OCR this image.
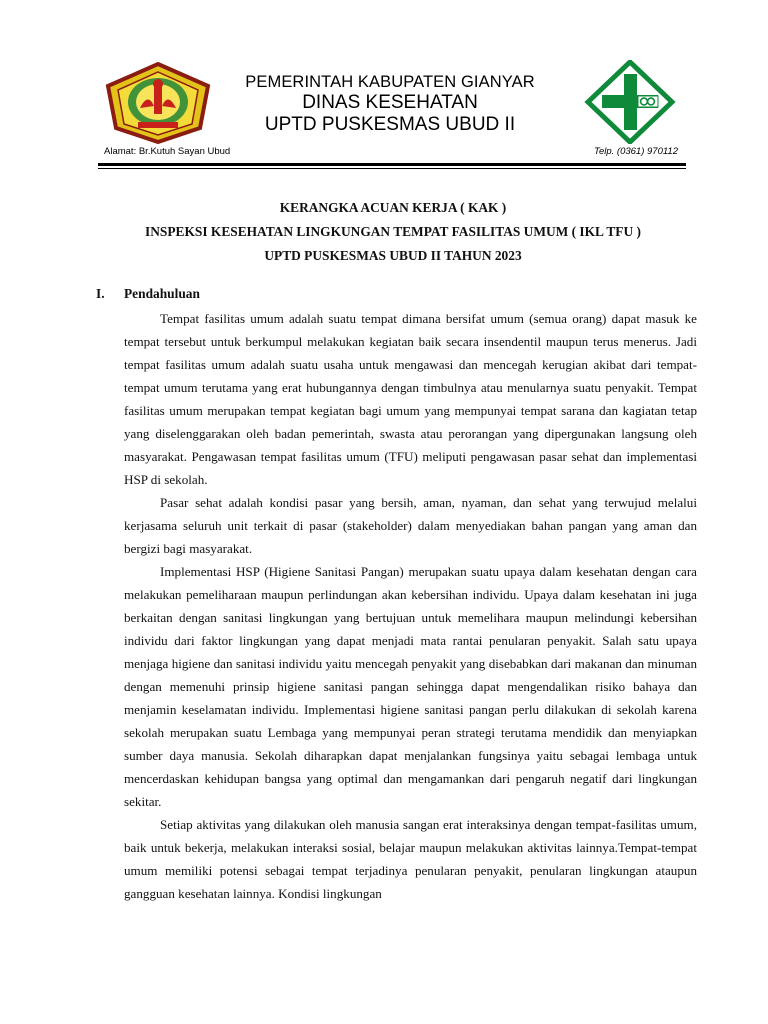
PEMERINTAH KABUPATEN GIANYAR
DINAS KESEHATAN
UPTD PUSKESMAS UBUD II
Alamat: Br.Kutuh Sayan Ubud	Telp. (0361) 970112
KERANGKA ACUAN KERJA ( KAK )
INSPEKSI KESEHATAN LINGKUNGAN TEMPAT FASILITAS UMUM ( IKL TFU )
UPTD PUSKESMAS UBUD II TAHUN 2023
I. Pendahuluan

Tempat fasilitas umum adalah suatu tempat dimana bersifat umum (semua orang) dapat masuk ke tempat tersebut untuk berkumpul melakukan kegiatan baik secara insendentil maupun terus menerus. Jadi tempat fasilitas umum adalah suatu usaha untuk mengawasi dan mencegah kerugian akibat dari tempat-tempat umum terutama yang erat hubungannya dengan timbulnya atau menularnya suatu penyakit. Tempat fasilitas umum merupakan tempat kegiatan bagi umum yang mempunyai tempat sarana dan kagiatan tetap yang diselenggarakan oleh badan pemerintah, swasta atau perorangan yang dipergunakan langsung oleh masyarakat. Pengawasan tempat fasilitas umum (TFU) meliputi pengawasan pasar sehat dan implementasi HSP di sekolah.

Pasar sehat adalah kondisi pasar yang bersih, aman, nyaman, dan sehat yang terwujud melalui kerjasama seluruh unit terkait di pasar (stakeholder) dalam menyediakan bahan pangan yang aman dan bergizi bagi masyarakat.

Implementasi HSP (Higiene Sanitasi Pangan) merupakan suatu upaya dalam kesehatan dengan cara melakukan pemeliharaan maupun perlindungan akan kebersihan individu. Upaya dalam kesehatan ini juga berkaitan dengan sanitasi lingkungan yang bertujuan untuk memelihara maupun melindungi kebersihan individu dari faktor lingkungan yang dapat menjadi mata rantai penularan penyakit. Salah satu upaya menjaga higiene dan sanitasi individu yaitu mencegah penyakit yang disebabkan dari makanan dan minuman dengan memenuhi prinsip higiene sanitasi pangan sehingga dapat mengendalikan risiko bahaya dan menjamin keselamatan individu. Implementasi higiene sanitasi pangan perlu dilakukan di sekolah karena sekolah merupakan suatu Lembaga yang mempunyai peran strategi terutama mendidik dan menyiapkan sumber daya manusia. Sekolah diharapkan dapat menjalankan fungsinya yaitu sebagai lembaga untuk mencerdaskan kehidupan bangsa yang optimal dan mengamankan dari pengaruh negatif dari lingkungan sekitar.

Setiap aktivitas yang dilakukan oleh manusia sangan erat interaksinya dengan tempat-fasilitas umum, baik untuk bekerja, melakukan interaksi sosial, belajar maupun melakukan aktivitas lainnya.Tempat-tempat umum memiliki potensi sebagai tempat terjadinya penularan penyakit, penularan lingkungan ataupun gangguan kesehatan lainnya. Kondisi lingkungan
